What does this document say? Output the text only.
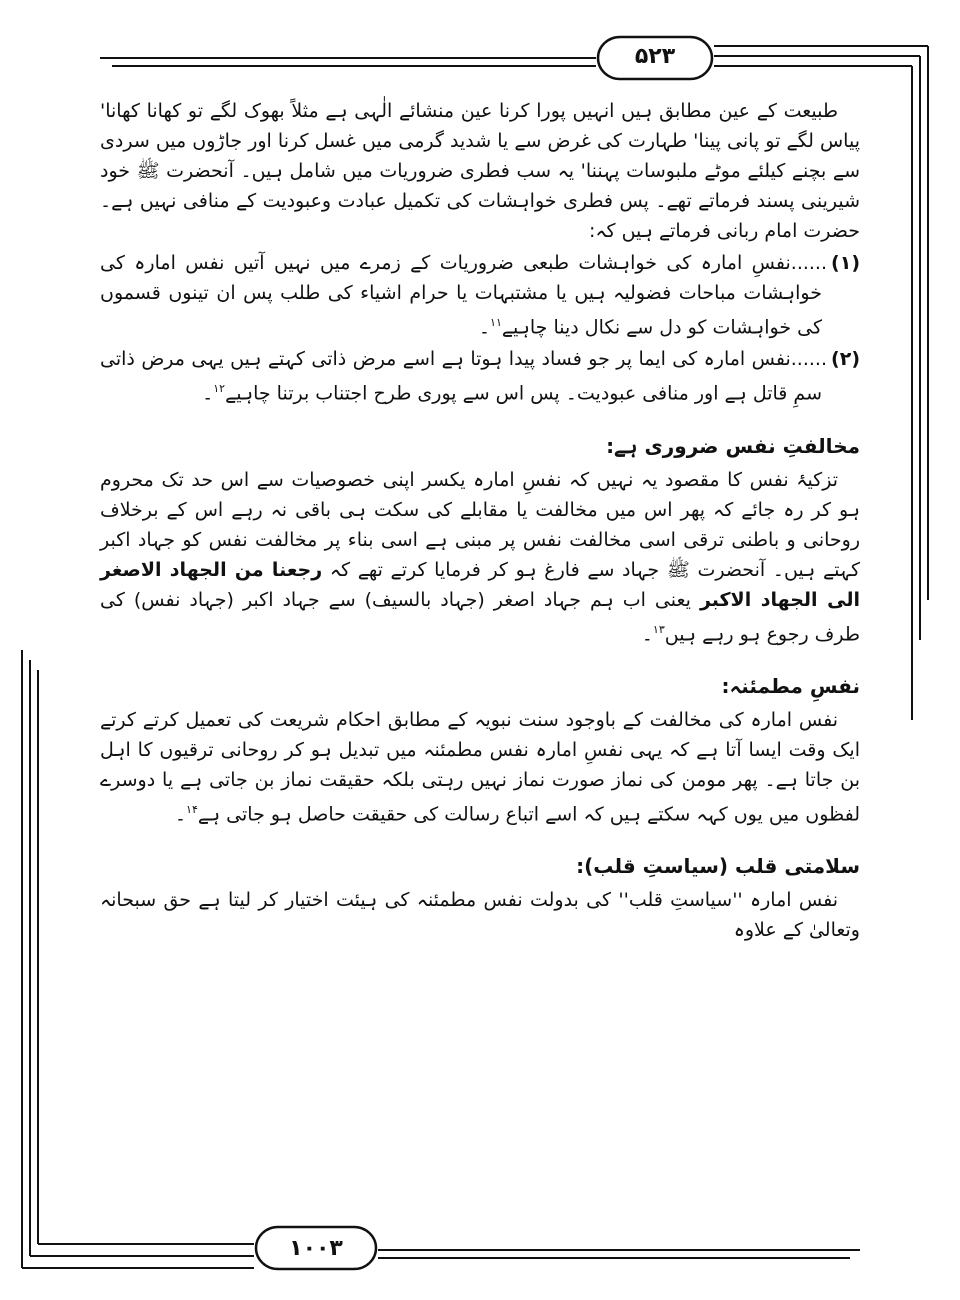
۵۲۳
۱۰۰۳

طبیعت کے عین مطابق ہیں انہیں پورا کرنا عین منشائے الٰہی ہے مثلاً بھوک لگے تو کھانا کھانا' پیاس لگے تو پانی پینا' طہارت کی غرض سے یا شدید گرمی میں غسل کرنا اور جاڑوں میں سردی سے بچنے کیلئے موٹے ملبوسات پہننا' یہ سب فطری ضروریات میں شامل ہیں۔ آنحضرت ﷺ خود شیرینی پسند فرماتے تھے۔ پس فطری خواہشات کی تکمیل عبادت وعبودیت کے منافی نہیں ہے۔ حضرت امام ربانی فرماتے ہیں کہ:

(۱)......نفسِ امارہ کی خواہشات طبعی ضروریات کے زمرے میں نہیں آتیں نفس امارہ کی خواہشات مباحات فضولیہ ہیں یا مشتبہات یا حرام اشیاء کی طلب پس ان تینوں قسموں کی خواہشات کو دل سے نکال دینا چاہیے$^{۱۱}$۔

(۲)......نفس امارہ کی ایما پر جو فساد پیدا ہوتا ہے اسے مرض ذاتی کہتے ہیں یہی مرض ذاتی سمِ قاتل ہے اور منافی عبودیت۔ پس اس سے پوری طرح اجتناب برتنا چاہیے$^{۱۲}$۔

مخالفتِ نفس ضروری ہے:

تزکیۂ نفس کا مقصود یہ نہیں کہ نفسِ امارہ یکسر اپنی خصوصیات سے اس حد تک محروم ہو کر رہ جائے کہ پھر اس میں مخالفت یا مقابلے کی سکت ہی باقی نہ رہے اس کے برخلاف روحانی و باطنی ترقی اسی مخالفت نفس پر مبنی ہے اسی بناء پر مخالفت نفس کو جہاد اکبر کہتے ہیں۔ آنحضرت ﷺ جہاد سے فارغ ہو کر فرمایا کرتے تھے کہ رجعنا من الجهاد الاصغر الی الجهاد الاکبر یعنی اب ہم جہاد اصغر (جہاد بالسیف) سے جہاد اکبر (جہاد نفس) کی طرف رجوع ہو رہے ہیں$^{۱۳}$۔

نفسِ مطمئنہ:

نفس امارہ کی مخالفت کے باوجود سنت نبویہ کے مطابق احکام شریعت کی تعمیل کرتے کرتے ایک وقت ایسا آتا ہے کہ یہی نفسِ امارہ نفس مطمئنہ میں تبدیل ہو کر روحانی ترقیوں کا اہل بن جاتا ہے۔ پھر مومن کی نماز صورت نماز نہیں رہتی بلکہ حقیقت نماز بن جاتی ہے یا دوسرے لفظوں میں یوں کہہ سکتے ہیں کہ اسے اتباع رسالت کی حقیقت حاصل ہو جاتی ہے$^{۱۴}$۔

سلامتی قلب (سیاستِ قلب):

نفس امارہ ''سیاستِ قلب'' کی بدولت نفس مطمئنہ کی ہیئت اختیار کر لیتا ہے حق سبحانہ وتعالیٰ کے علاوہ
